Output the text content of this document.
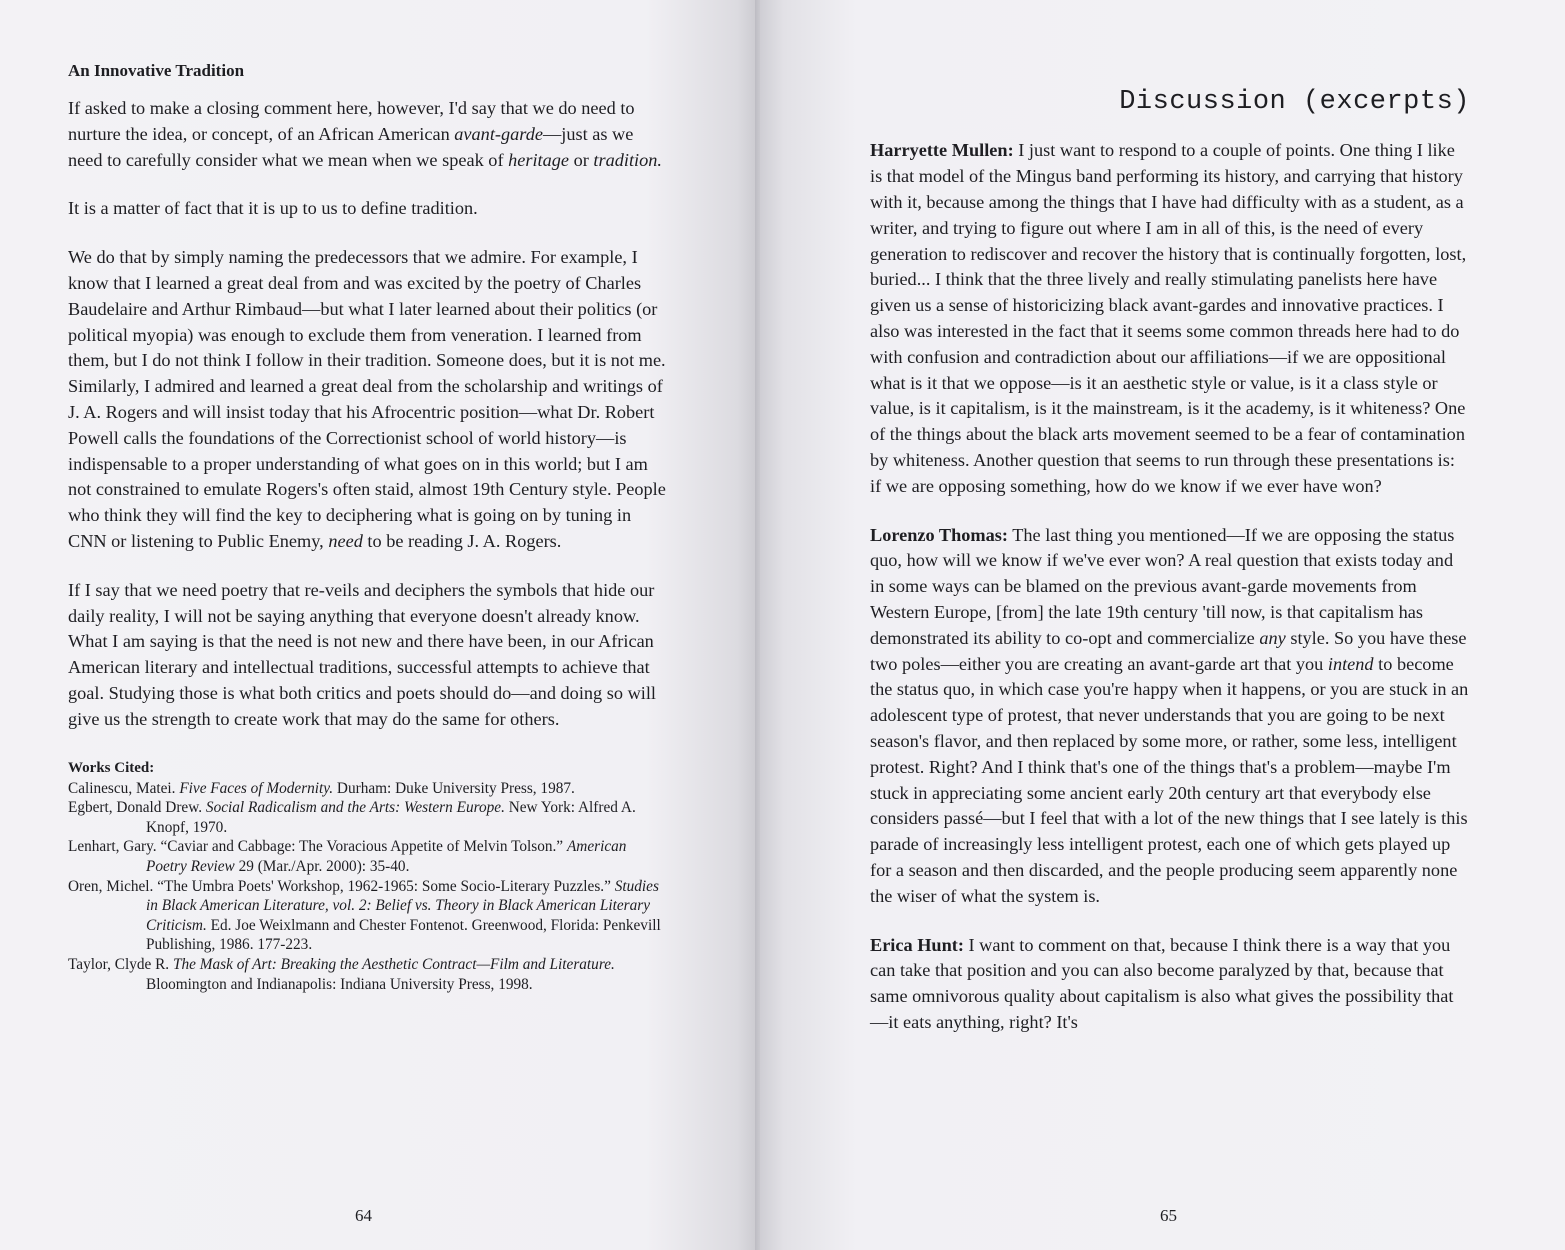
An Innovative Tradition

If asked to make a closing comment here, however, I'd say that we do need to nurture the idea, or concept, of an African American avant-garde—just as we need to carefully consider what we mean when we speak of heritage or tradition.

It is a matter of fact that it is up to us to define tradition.

We do that by simply naming the predecessors that we admire. For example, I know that I learned a great deal from and was excited by the poetry of Charles Baudelaire and Arthur Rimbaud—but what I later learned about their politics (or political myopia) was enough to exclude them from veneration. I learned from them, but I do not think I follow in their tradition. Someone does, but it is not me. Similarly, I admired and learned a great deal from the scholarship and writings of J. A. Rogers and will insist today that his Afrocentric position—what Dr. Robert Powell calls the foundations of the Correctionist school of world history—is indispensable to a proper understanding of what goes on in this world; but I am not constrained to emulate Rogers's often staid, almost 19th Century style. People who think they will find the key to deciphering what is going on by tuning in CNN or listening to Public Enemy, need to be reading J. A. Rogers.

If I say that we need poetry that re-veils and deciphers the symbols that hide our daily reality, I will not be saying anything that everyone doesn't already know. What I am saying is that the need is not new and there have been, in our African American literary and intellectual traditions, successful attempts to achieve that goal. Studying those is what both critics and poets should do—and doing so will give us the strength to create work that may do the same for others.

Works Cited:
Calinescu, Matei. Five Faces of Modernity. Durham: Duke University Press, 1987.
Egbert, Donald Drew. Social Radicalism and the Arts: Western Europe. New York: Alfred A. Knopf, 1970.
Lenhart, Gary. “Caviar and Cabbage: The Voracious Appetite of Melvin Tolson.” American Poetry Review 29 (Mar./Apr. 2000): 35-40.
Oren, Michel. “The Umbra Poets' Workshop, 1962-1965: Some Socio-Literary Puzzles.” Studies in Black American Literature, vol. 2: Belief vs. Theory in Black American Literary Criticism. Ed. Joe Weixlmann and Chester Fontenot. Greenwood, Florida: Penkevill Publishing, 1986. 177-223.
Taylor, Clyde R. The Mask of Art: Breaking the Aesthetic Contract—Film and Literature. Bloomington and Indianapolis: Indiana University Press, 1998.
64
Discussion (excerpts)

Harryette Mullen: I just want to respond to a couple of points. One thing I like is that model of the Mingus band performing its history, and carrying that history with it, because among the things that I have had difficulty with as a student, as a writer, and trying to figure out where I am in all of this, is the need of every generation to rediscover and recover the history that is continually forgotten, lost, buried... I think that the three lively and really stimulating panelists here have given us a sense of historicizing black avant-gardes and innovative practices. I also was interested in the fact that it seems some common threads here had to do with confusion and contradiction about our affiliations—if we are oppositional what is it that we oppose—is it an aesthetic style or value, is it a class style or value, is it capitalism, is it the mainstream, is it the academy, is it whiteness? One of the things about the black arts movement seemed to be a fear of contamination by whiteness. Another question that seems to run through these presentations is: if we are opposing something, how do we know if we ever have won?

Lorenzo Thomas: The last thing you mentioned—If we are opposing the status quo, how will we know if we've ever won? A real question that exists today and in some ways can be blamed on the previous avant-garde movements from Western Europe, [from] the late 19th century 'till now, is that capitalism has demonstrated its ability to co-opt and commercialize any style. So you have these two poles—either you are creating an avant-garde art that you intend to become the status quo, in which case you're happy when it happens, or you are stuck in an adolescent type of protest, that never understands that you are going to be next season's flavor, and then replaced by some more, or rather, some less, intelligent protest. Right? And I think that's one of the things that's a problem—maybe I'm stuck in appreciating some ancient early 20th century art that everybody else considers passé—but I feel that with a lot of the new things that I see lately is this parade of increasingly less intelligent protest, each one of which gets played up for a season and then discarded, and the people producing seem apparently none the wiser of what the system is.

Erica Hunt: I want to comment on that, because I think there is a way that you can take that position and you can also become paralyzed by that, because that same omnivorous quality about capitalism is also what gives the possibility that—it eats anything, right? It's

65
